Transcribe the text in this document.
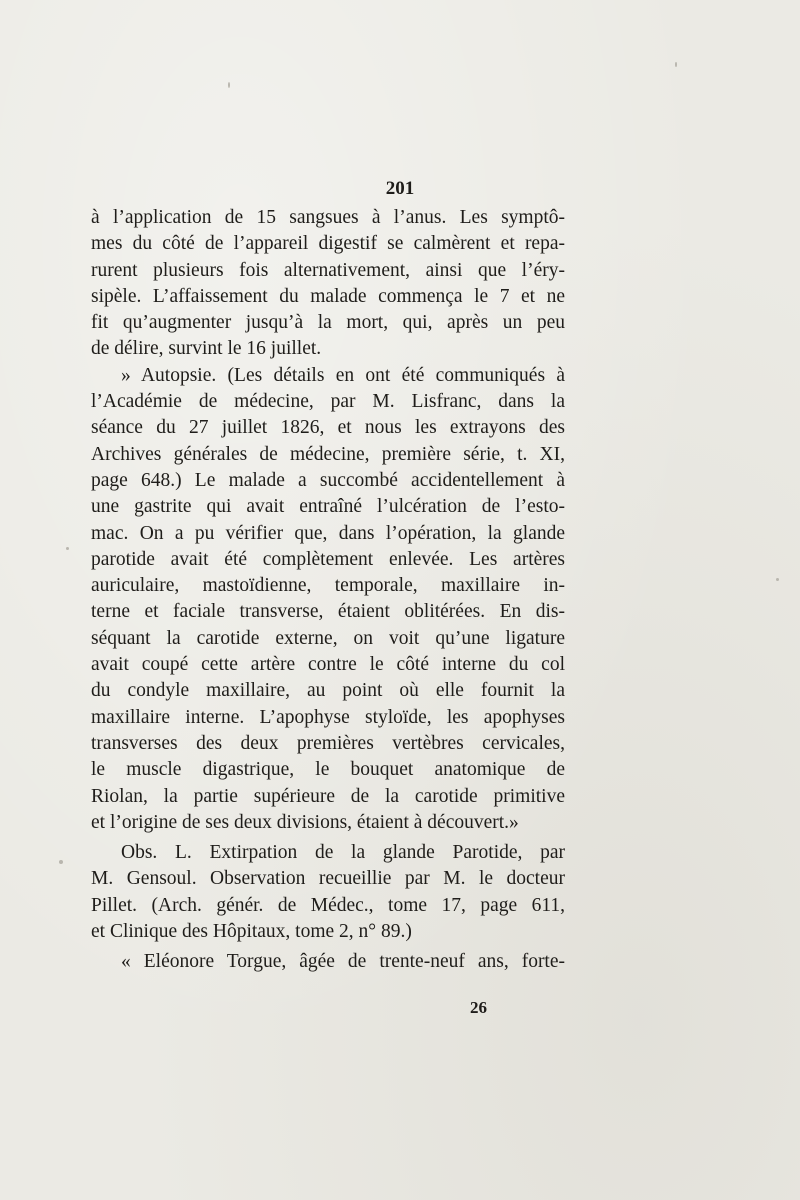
201
à l’application de 15 sangsues à l’anus. Les symptô-
mes du côté de l’appareil digestif se calmèrent et repa-
rurent plusieurs fois alternativement, ainsi que l’éry-
sipèle. L’affaissement du malade commença le 7 et ne
fit qu’augmenter jusqu’à la mort, qui, après un peu
de délire, survint le 16 juillet.
» Autopsie. (Les détails en ont été communiqués à
l’Académie de médecine, par M. Lisfranc, dans la
séance du 27 juillet 1826, et nous les extrayons des
Archives générales de médecine, première série, t. XI,
page 648.) Le malade a succombé accidentellement à
une gastrite qui avait entraîné l’ulcération de l’esto-
mac. On a pu vérifier que, dans l’opération, la glande
parotide avait été complètement enlevée. Les artères
auriculaire, mastoïdienne, temporale, maxillaire in-
terne et faciale transverse, étaient oblitérées. En dis-
séquant la carotide externe, on voit qu’une ligature
avait coupé cette artère contre le côté interne du col
du condyle maxillaire, au point où elle fournit la
maxillaire interne. L’apophyse styloïde, les apophyses
transverses des deux premières vertèbres cervicales,
le muscle digastrique, le bouquet anatomique de
Riolan, la partie supérieure de la carotide primitive
et l’origine de ses deux divisions, étaient à découvert.»
Obs. L. Extirpation de la glande Parotide, par
M. Gensoul. Observation recueillie par M. le docteur
Pillet. (Arch. génér. de Médec., tome 17, page 611,
et Clinique des Hôpitaux, tome 2, n° 89.)
« Eléonore Torgue, âgée de trente-neuf ans, forte-
26
